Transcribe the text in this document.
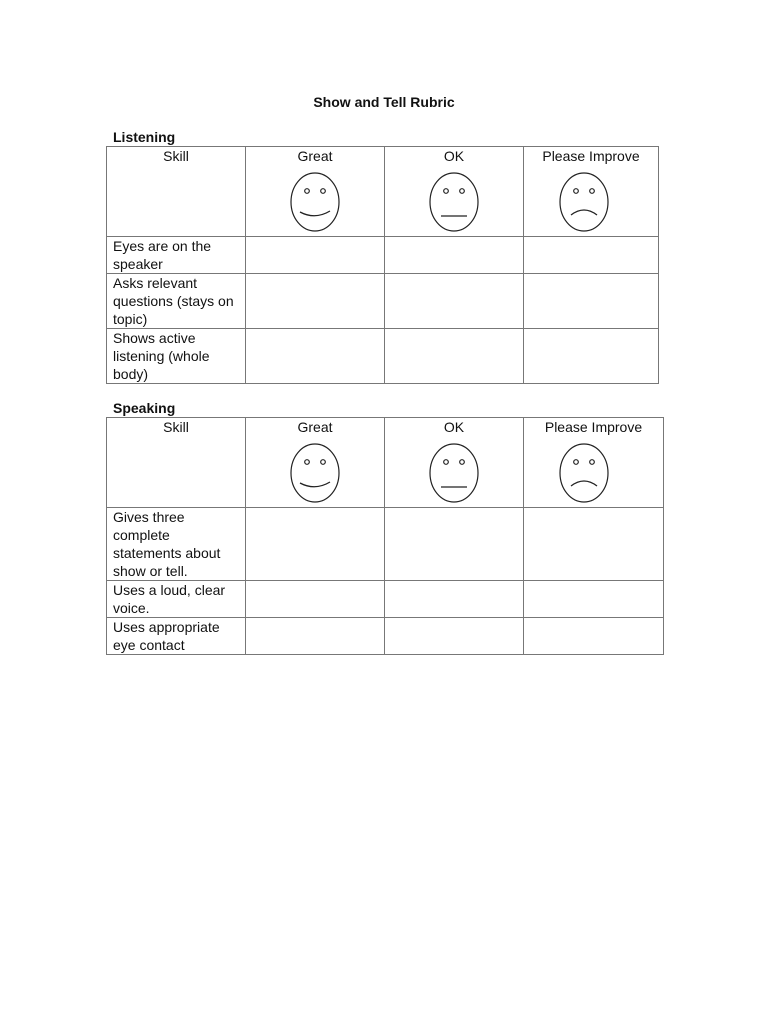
Show and Tell Rubric
Listening
Skill	Great	OK	Please Improve

Eyes are on the speaker			
Asks relevant questions (stays on topic)			
Shows active listening (whole body)			
Speaking
Skill	Great	OK	Please Improve

Gives three complete statements about show or tell.			
Uses a loud, clear voice.			
Uses appropriate eye contact			
